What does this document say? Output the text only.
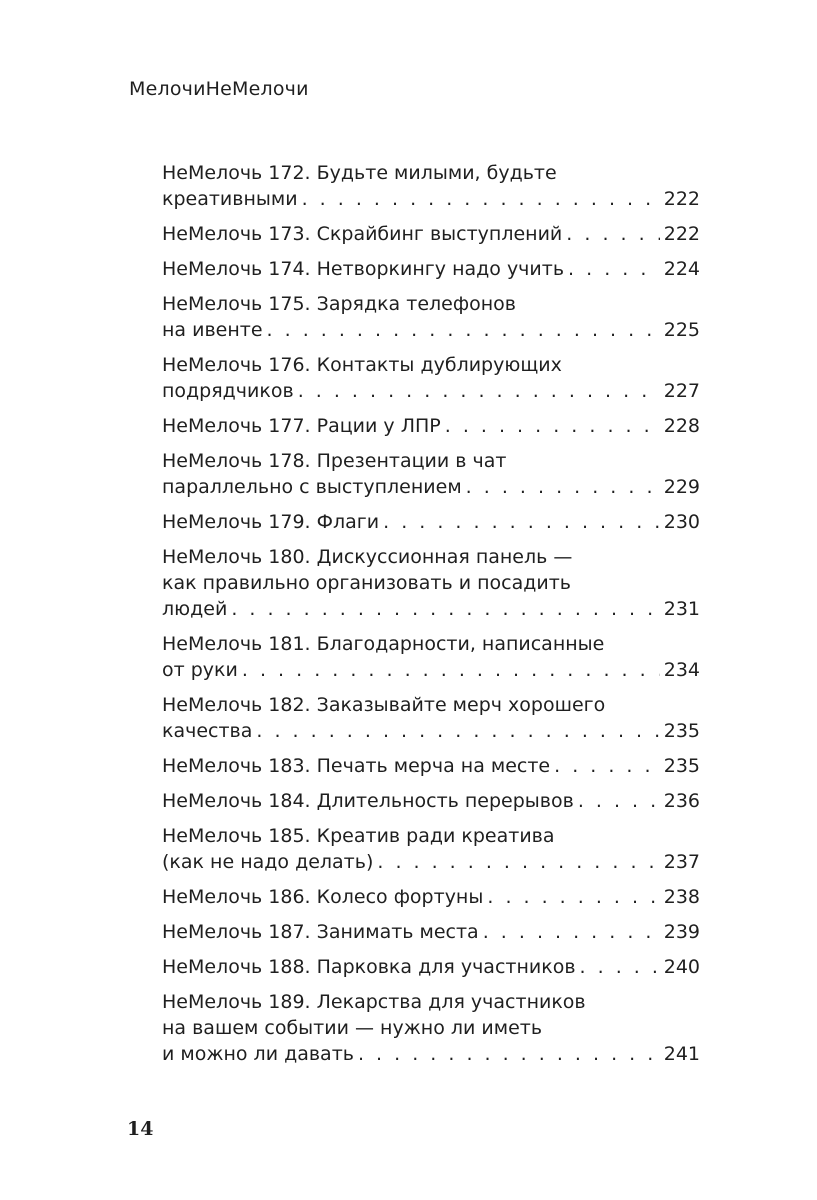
МелочиНеМелочи
НеМелочь 172. Будьте милыми, будьте
креативными . . .	222
НеМелочь 173. Скрайбинг выступлений . . .	222
НеМелочь 174. Нетворкингу надо учить . . .	224
НеМелочь 175. Зарядка телефонов
на ивенте . . .	225
НеМелочь 176. Контакты дублирующих
подрядчиков . . .	227
НеМелочь 177. Рации у ЛПР . . .	228
НеМелочь 178. Презентации в чат
параллельно с выступлением . . .	229
НеМелочь 179. Флаги . . .	230
НеМелочь 180. Дискуссионная панель —
как правильно организовать и посадить
людей . . .	231
НеМелочь 181. Благодарности, написанные
от руки . . .	234
НеМелочь 182. Заказывайте мерч хорошего
качества . . .	235
НеМелочь 183. Печать мерча на месте . . .	235
НеМелочь 184. Длительность перерывов . . .	236
НеМелочь 185. Креатив ради креатива
(как не надо делать) . . .	237
НеМелочь 186. Колесо фортуны . . .	238
НеМелочь 187. Занимать места . . .	239
НеМелочь 188. Парковка для участников . . .	240
НеМелочь 189. Лекарства для участников
на вашем событии — нужно ли иметь
и можно ли давать . . .	241
14
